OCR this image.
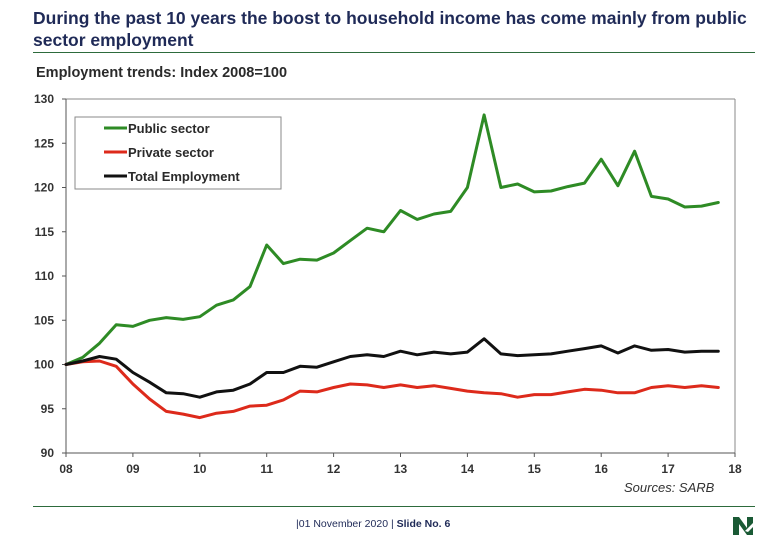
During the past 10 years the boost to household income has come mainly from public sector employment
Employment trends: Index 2008=100
90
95
100
105
110
115
120
125
130
08	09	10	11	12	13	14	15	16	17	18
Public sector
Private sector
Total Employment
Sources: SARB
|01 November 2020 | Slide No. 6
